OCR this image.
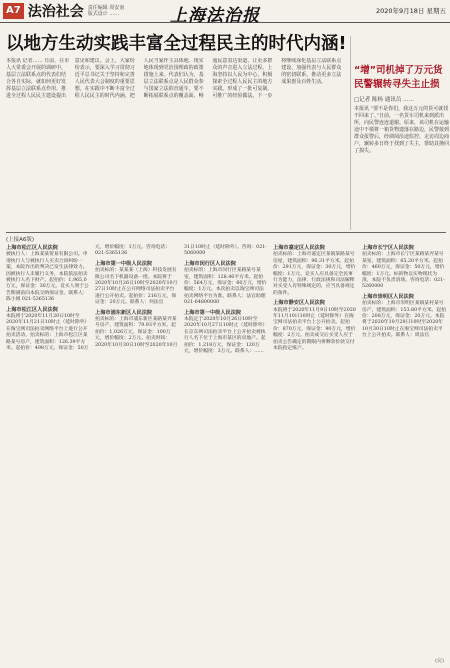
A7 法治社会 责任编辑 周安南
版式设计 ……	上海法治报	2020年9月18日 星期五
以地方生动实践丰富全过程民主的时代内涵!
本报讯 记者…… 日前，在市人大常委会开展的调研中，基层立法联系点的代表们结合各自实际，就如何更好发挥基层立法联系点作用、推进全过程人民民主建设提出意见和建议。会上，大家纷纷表示，要深入学习贯彻习近平总书记关于坚持和完善人民代表大会制度的重要思想，在实践中不断丰富全过程人民民主的时代内涵，把人民当家作主具体地、现实地体现到党治国理政的政策措施上来。代表们认为，基层立法联系点是人民群众参与国家立法的直通车，要不断拓展联系点的覆盖面，畅通民意表达渠道，让更多群众的声音进入立法过程。上海坚持以人民为中心，积极探索全过程人民民主的地方实践，形成了一批可复制、可推广的经验做法。下一步将继续深化基层立法联系点建设，加强代表与人民群众的密切联系，推动更多立法成果惠及百姓生活。
“增”司机掉了万元货 民警辗转寻失主止损
□记者 陈杨 通讯员 ……
本报讯 “要不是你们，我这万元的货可就找不回来了。”日前，一名货车司机来到派出所，向民警连连道谢。原来，该司机在运输途中不慎将一箱货物遗落在路边，民警接到群众报警后，经调阅沿途监控、走访周边商户，辗转多日终于找到了失主，帮助其挽回了损失。
(上接A6版)

上海市松江区人民法院
被执行人：上海某某贸易有限公司。申请执行人与被执行人买卖合同纠纷一案，本院作出的判决已发生法律效力。因被执行人未履行义务，本院依法拍卖被执行人名下财产。起拍价：1,965,0万元，保证金：30万元。竞买人须于公告期满前向本院交纳保证金。联系人：陈小姐 021-5365136

上海市松江区人民法院
本院将于2020年11月20日10时至2020年11月21日10时止（延时除外）在淘宝网司法拍卖网络平台上进行公开拍卖活动。拍卖标的：上海市松江区某路某号房产，建筑面积：126.39平方米。起拍价：498万元，保证金：50万元，增价幅度：1万元。咨询电话：021-5365136

上海市第一中级人民法院
拍卖标的：某某某（上海）科技发展有限公司名下机器设备一批。本院将于2020年10月26日10时至2020年10月27日10时止在公开网络司法拍卖平台进行公开拍卖。起拍价：216万元，保证金：20万元。联系人：何法官

上海市浦东新区人民法院
拍卖标的：上海市浦东新区某路某弄某号房产，建筑面积：79.93平方米。起拍价：1,026万元，保证金：100万元，增价幅度：2万元。拍卖时间：2020年10月30日10时至2020年10月31日10时止（延时除外）。咨询：021-5060000

上海市闵行区人民法院
拍卖标的：上海市闵行区某路某号某室，建筑面积：128.46平方米。起拍价：564万元，保证金：60万元，增价幅度：1万元。本次拍卖以淘宝网司法拍卖网络平台为准。联系人：法官助理 021-64800000

上海市第一中级人民法院
本院定于2020年10月26日10时至2020年10月27日10时止（延时除外）在京东网司法拍卖平台上公开拍卖被执行人名下位于上海市某区的房地产。起拍价：1,218万元，保证金：120万元，增价幅度：3万元。联系人：……

上海市嘉定区人民法院
拍卖标的：上海市嘉定区某镇某路某号房屋，建筑面积：96.31平方米。起拍价：291万元，保证金：30万元，增价幅度：1万元。竞买人应具备完全民事行为能力，法律、行政法规和司法解释对买受人有特殊规定的，应当具备规定的条件。

上海市静安区人民法院
本院将于2020年11月9日10时至2020年11月10日10时止（延时除外）在淘宝网司法拍卖平台上公开拍卖。起拍价：870万元，保证金：90万元，增价幅度：2万元。拍卖成交后买受人应于拍卖公告确定的期限内将剩余价款交付本院指定账户。

上海市长宁区人民法院
拍卖标的：上海市长宁区某路某弄某号某室，建筑面积：65.20平方米。起拍价：460万元，保证金：50万元，增价幅度：1万元。标的物以实物现状为准，本院不负责清场。咨询电话：021-5260000

上海市崇明区人民法院
拍卖标的：上海市崇明区某镇某村某号房产，建筑面积：153.80平方米。起拍价：208万元，保证金：20万元。本院将于2020年10月29日10时至2020年10月30日10时止在淘宝网司法拍卖平台上公开拍卖。联系人：周法官

(完)
